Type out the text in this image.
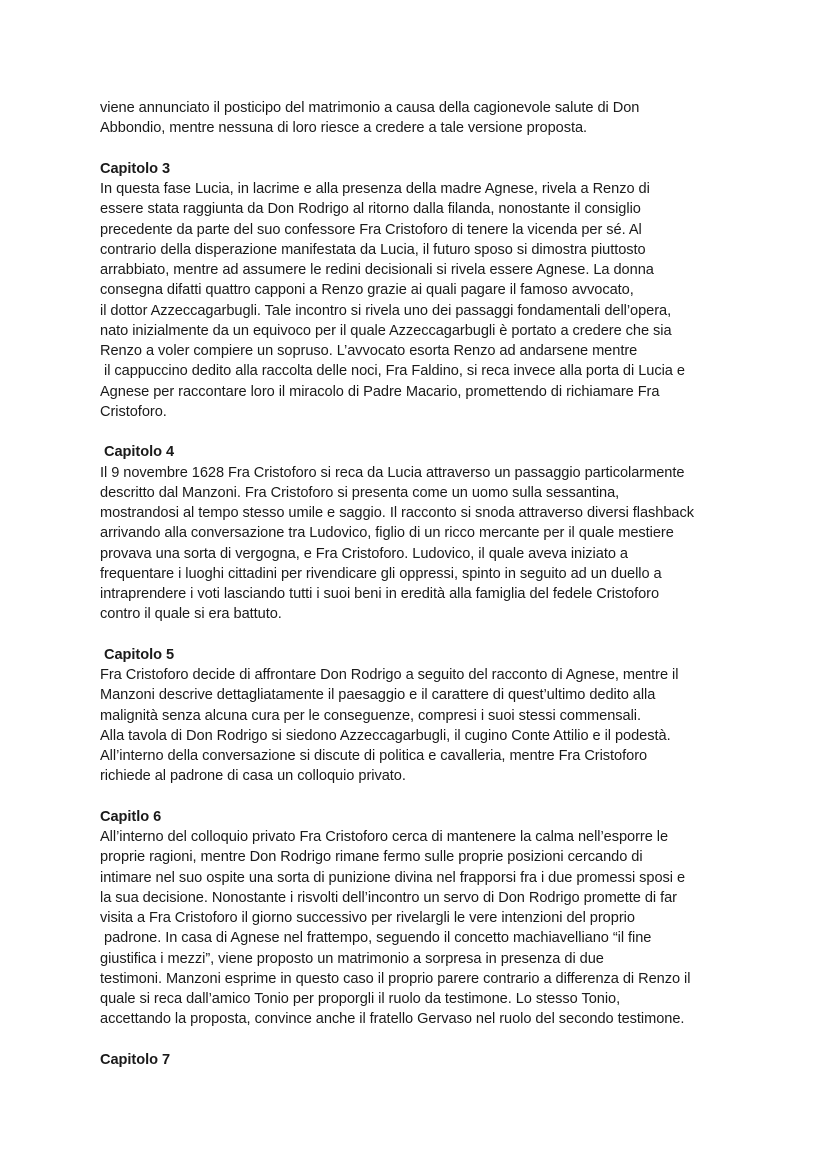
viene annunciato il posticipo del matrimonio a causa della cagionevole salute di Don
Abbondio, mentre nessuna di loro riesce a credere a tale versione proposta.
Capitolo 3
In questa fase Lucia, in lacrime e alla presenza della madre Agnese, rivela a Renzo di
essere stata raggiunta da Don Rodrigo al ritorno dalla filanda, nonostante il consiglio
precedente da parte del suo confessore Fra Cristoforo di tenere la vicenda per sé. Al
contrario della disperazione manifestata da Lucia, il futuro sposo si dimostra piuttosto
arrabbiato, mentre ad assumere le redini decisionali si rivela essere Agnese. La donna
consegna difatti quattro capponi a Renzo grazie ai quali pagare il famoso avvocato,
il dottor Azzeccagarbugli. Tale incontro si rivela uno dei passaggi fondamentali dell’opera,
nato inizialmente da un equivoco per il quale Azzeccagarbugli è portato a credere che sia
Renzo a voler compiere un sopruso. L’avvocato esorta Renzo ad andarsene mentre
il cappuccino dedito alla raccolta delle noci, Fra Faldino, si reca invece alla porta di Lucia e
Agnese per raccontare loro il miracolo di Padre Macario, promettendo di richiamare Fra
Cristoforo.
Capitolo 4
Il 9 novembre 1628 Fra Cristoforo si reca da Lucia attraverso un passaggio particolarmente
descritto dal Manzoni. Fra Cristoforo si presenta come un uomo sulla sessantina,
mostrandosi al tempo stesso umile e saggio. Il racconto si snoda attraverso diversi flashback
arrivando alla conversazione tra Ludovico, figlio di un ricco mercante per il quale mestiere
provava una sorta di vergogna, e Fra Cristoforo. Ludovico, il quale aveva iniziato a
frequentare i luoghi cittadini per rivendicare gli oppressi, spinto in seguito ad un duello a
intraprendere i voti lasciando tutti i suoi beni in eredità alla famiglia del fedele Cristoforo
contro il quale si era battuto.
Capitolo 5
Fra Cristoforo decide di affrontare Don Rodrigo a seguito del racconto di Agnese, mentre il
Manzoni descrive dettagliatamente il paesaggio e il carattere di quest’ultimo dedito alla
malignità senza alcuna cura per le conseguenze, compresi i suoi stessi commensali.
Alla tavola di Don Rodrigo si siedono Azzeccagarbugli, il cugino Conte Attilio e il podestà.
All’interno della conversazione si discute di politica e cavalleria, mentre Fra Cristoforo
richiede al padrone di casa un colloquio privato.
Capitlo 6
All’interno del colloquio privato Fra Cristoforo cerca di mantenere la calma nell’esporre le
proprie ragioni, mentre Don Rodrigo rimane fermo sulle proprie posizioni cercando di
intimare nel suo ospite una sorta di punizione divina nel frapporsi fra i due promessi sposi e
la sua decisione. Nonostante i risvolti dell’incontro un servo di Don Rodrigo promette di far
visita a Fra Cristoforo il giorno successivo per rivelargli le vere intenzioni del proprio
padrone. In casa di Agnese nel frattempo, seguendo il concetto machiavelliano “il fine
giustifica i mezzi”, viene proposto un matrimonio a sorpresa in presenza di due
testimoni. Manzoni esprime in questo caso il proprio parere contrario a differenza di Renzo il
quale si reca dall’amico Tonio per proporgli il ruolo da testimone. Lo stesso Tonio,
accettando la proposta, convince anche il fratello Gervaso nel ruolo del secondo testimone.
Capitolo 7
